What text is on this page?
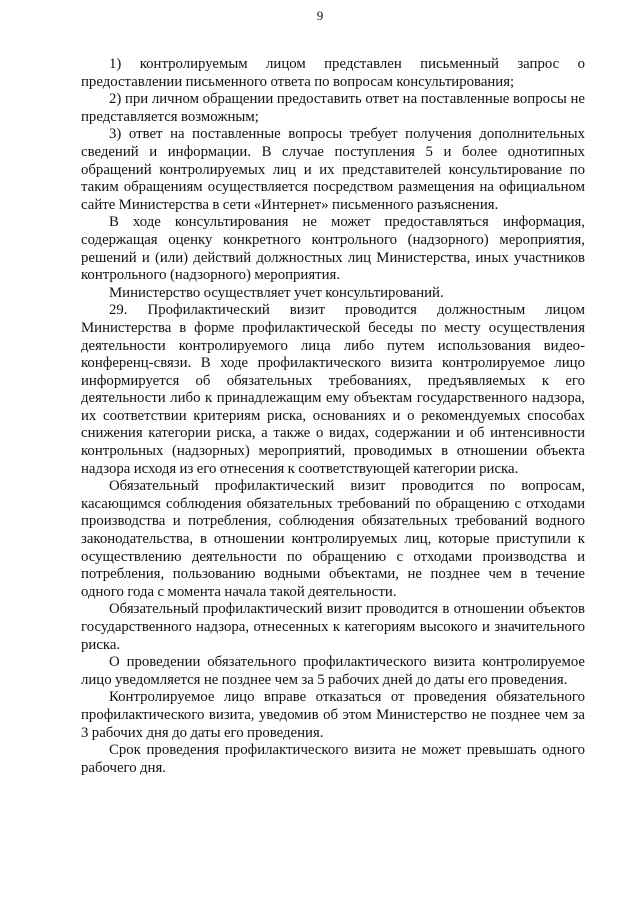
9

1) контролируемым лицом представлен письменный запрос о предоставлении письменного ответа по вопросам консультирования;

2) при личном обращении предоставить ответ на поставленные вопросы не представляется возможным;

3) ответ на поставленные вопросы требует получения дополнительных сведений и информации. В случае поступления 5 и более однотипных обращений контролируемых лиц и их представителей консультирование по таким обращениям осуществляется посредством размещения на официальном сайте Министерства в сети «Интернет» письменного разъяснения.

В ходе консультирования не может предоставляться информация, содержащая оценку конкретного контрольного (надзорного) мероприятия, решений и (или) действий должностных лиц Министерства, иных участников контрольного (надзорного) мероприятия.

Министерство осуществляет учет консультирований.

29. Профилактический визит проводится должностным лицом Министерства в форме профилактической беседы по месту осуществления деятельности контролируемого лица либо путем использования видео-конференц-связи. В ходе профилактического визита контролируемое лицо информируется об обязательных требованиях, предъявляемых к его деятельности либо к принадлежащим ему объектам государственного надзора, их соответствии критериям риска, основаниях и о рекомендуемых способах снижения категории риска, а также о видах, содержании и об интенсивности контрольных (надзорных) мероприятий, проводимых в отношении объекта надзора исходя из его отнесения к соответствующей категории риска.

Обязательный профилактический визит проводится по вопросам, касающимся соблюдения обязательных требований по обращению с отходами производства и потребления, соблюдения обязательных требований водного законодательства, в отношении контролируемых лиц, которые приступили к осуществлению деятельности по обращению с отходами производства и потребления, пользованию водными объектами, не позднее чем в течение одного года с момента начала такой деятельности.

Обязательный профилактический визит проводится в отношении объектов государственного надзора, отнесенных к категориям высокого и значительного риска.

О проведении обязательного профилактического визита контролируемое лицо уведомляется не позднее чем за 5 рабочих дней до даты его проведения.

Контролируемое лицо вправе отказаться от проведения обязательного профилактического визита, уведомив об этом Министерство не позднее чем за 3 рабочих дня до даты его проведения.

Срок проведения профилактического визита не может превышать одного рабочего дня.
